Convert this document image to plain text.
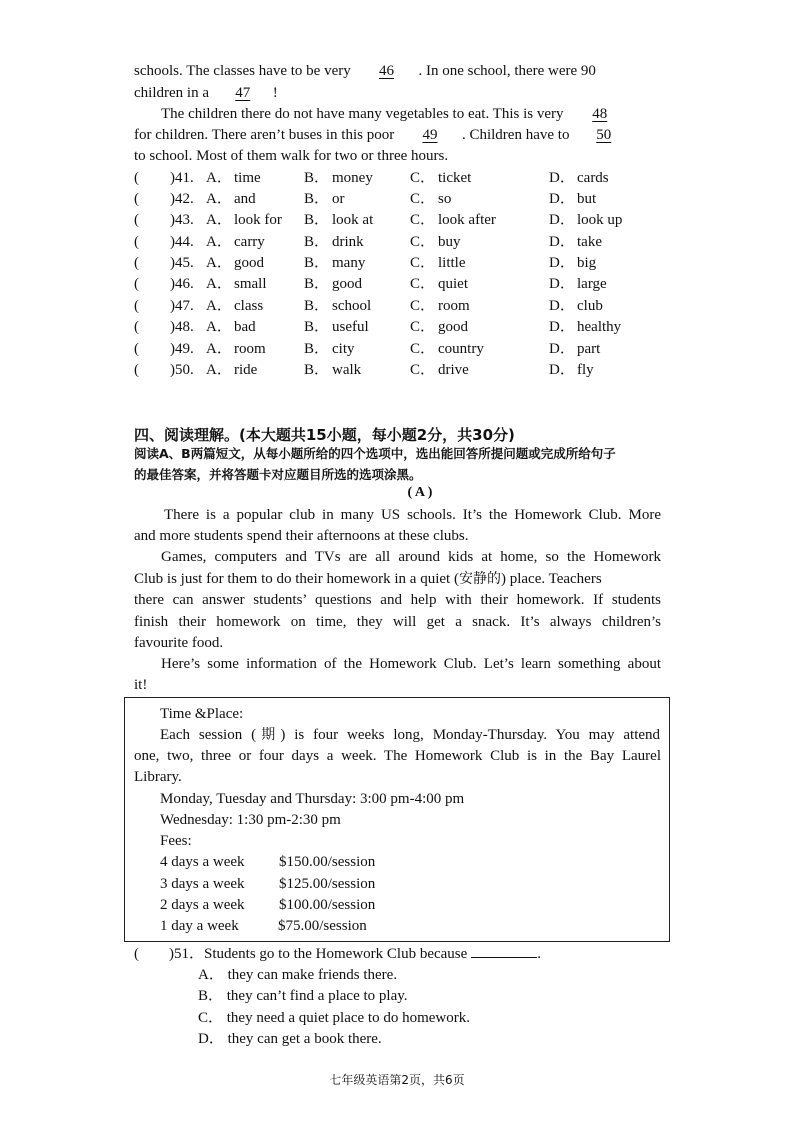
schools. The classes have to be very 46 . In one school, there were 90
children in a 47 !
The children there do not have many vegetables to eat. This is very 48
for children. There aren’t buses in this poor 49 . Children have to 50
to school. Most of them walk for two or three hours.
( )41. A． time	B． money C． ticket	D． cards
( )42. A． and	B． or	C． so	D． but
( )43. A． look for B． look at C． look after	D． look up
( )44. A． carry	B． drink	C． buy	D． take
( )45. A． good	B． many	C． little	D． big
( )46. A． small	B． good	C． quiet	D． large
( )47. A． class	B． school	C． room	D． club
( )48. A． bad	B． useful	C． good	D． healthy
( )49. A． room	B． city	C． country	D． part
( )50. A． ride	B． walk	C． drive	D． fly
四、阅读理解。(本大题共15小题，每小题2分，共30分)
阅读A、B两篇短文，从每小题所给的四个选项中，选出能回答所提问题或完成所给句子
的最佳答案，并将答题卡对应题目所选的选项涂黑。
( A )
There is a popular club in many US schools. It’s the Homework Club. More
and more students spend their afternoons at these clubs.
Games, computers and TVs are all around kids at home, so the Homework
Club is just for them to do their homework in a quiet (安静的) place. Teachers
there can answer students’ questions and help with their homework. If students
finish their homework on time, they will get a snack. It’s always children’s
favourite food.
Here’s some information of the Homework Club. Let’s learn something about
it!
Time &Place:
Each session (期) is four weeks long, Monday-Thursday. You may attend
one, two, three or four days a week. The Homework Club is in the Bay Laurel
Library.
Monday, Tuesday and Thursday: 3:00 pm-4:00 pm
Wednesday: 1:30 pm-2:30 pm
Fees:
4 days a week $150.00/session
3 days a week $125.00/session
2 days a week $100.00/session
1 day a week	$75.00/session
( )51．Students go to the Homework Club because	.
A． they can make friends there.
B． they can’t find a place to play.
C． they need a quiet place to do homework.
D． they can get a book there.
七年级英语第2页，共6页
